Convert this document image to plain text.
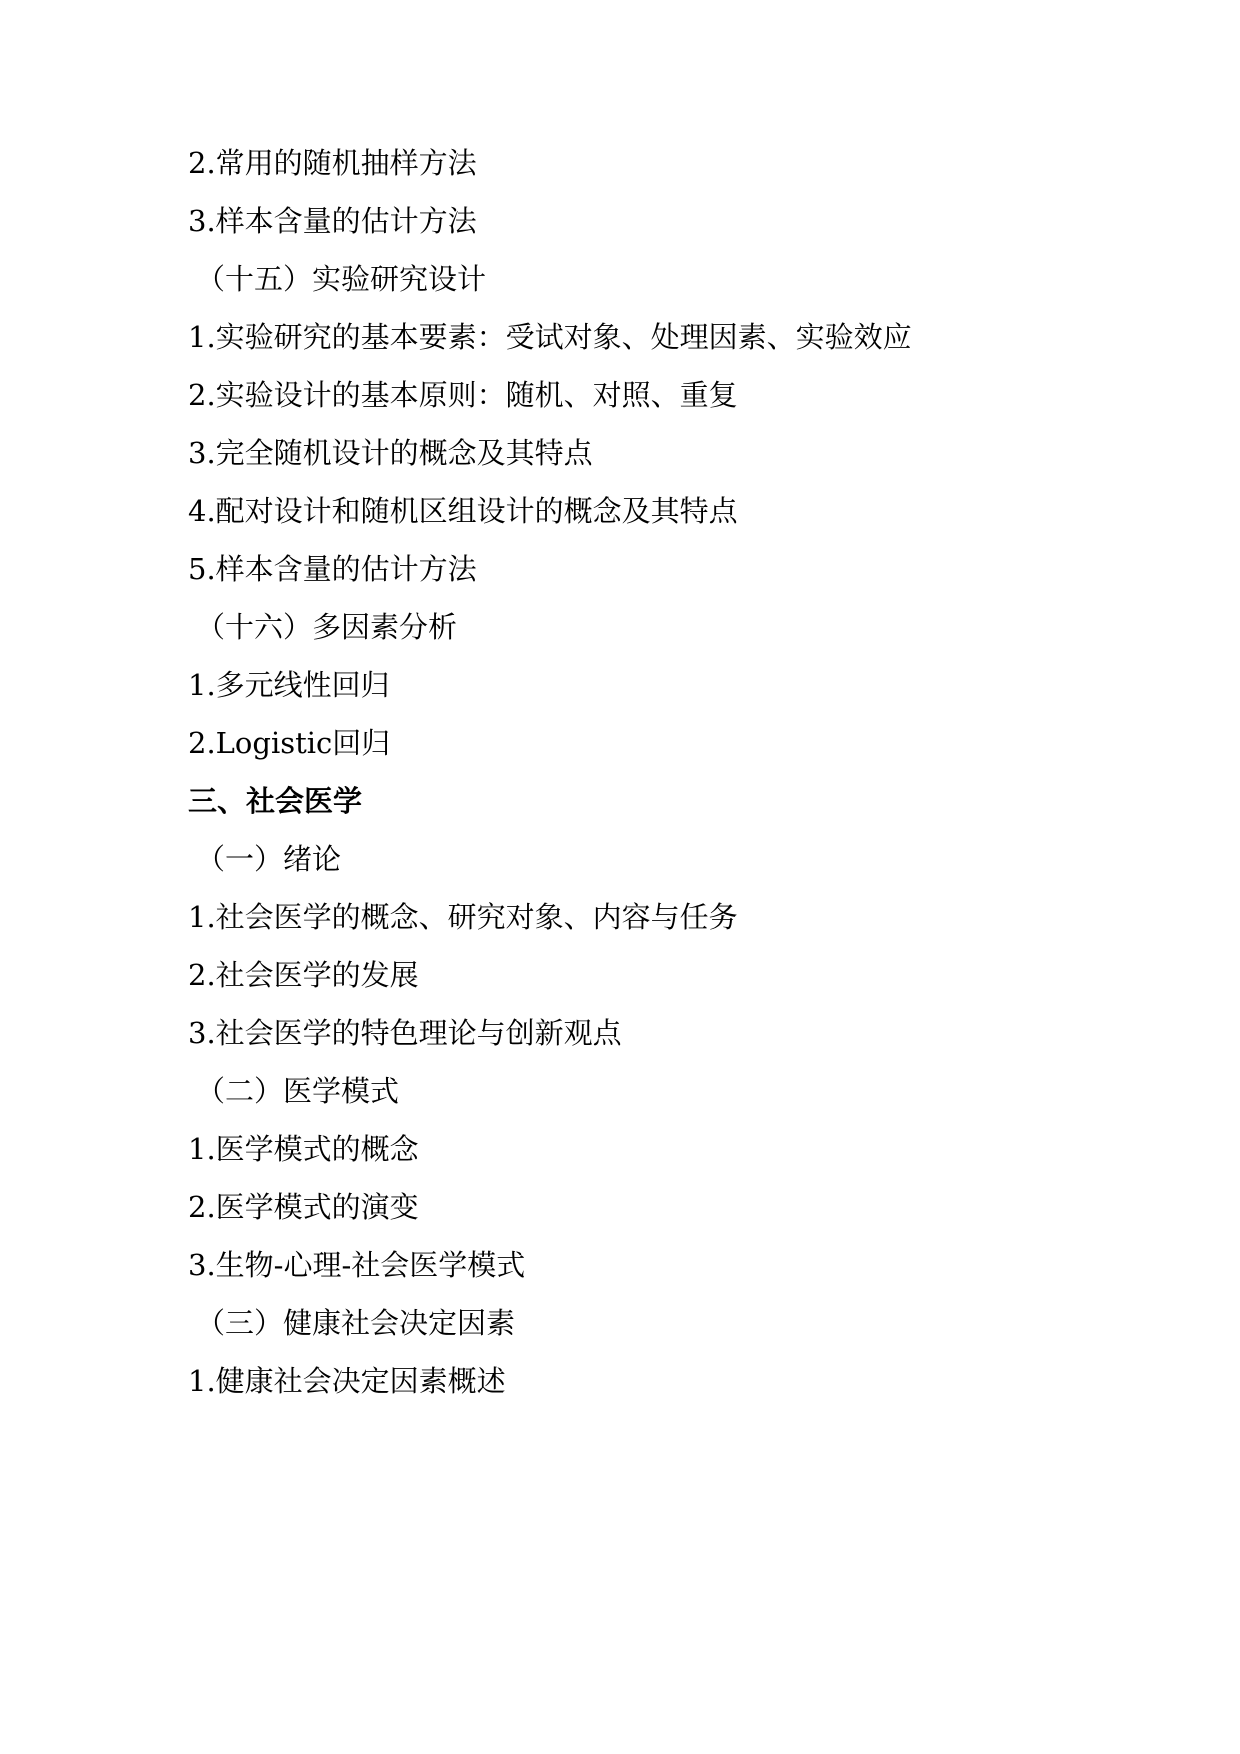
2.常用的随机抽样方法
3.样本含量的估计方法
（十五）实验研究设计
1.实验研究的基本要素：受试对象、处理因素、实验效应
2.实验设计的基本原则：随机、对照、重复
3.完全随机设计的概念及其特点
4.配对设计和随机区组设计的概念及其特点
5.样本含量的估计方法
（十六）多因素分析
1.多元线性回归
2.Logistic回归
三、社会医学
（一）绪论
1.社会医学的概念、研究对象、内容与任务
2.社会医学的发展
3.社会医学的特色理论与创新观点
（二）医学模式
1.医学模式的概念
2.医学模式的演变
3.生物-心理-社会医学模式
（三）健康社会决定因素
1.健康社会决定因素概述
